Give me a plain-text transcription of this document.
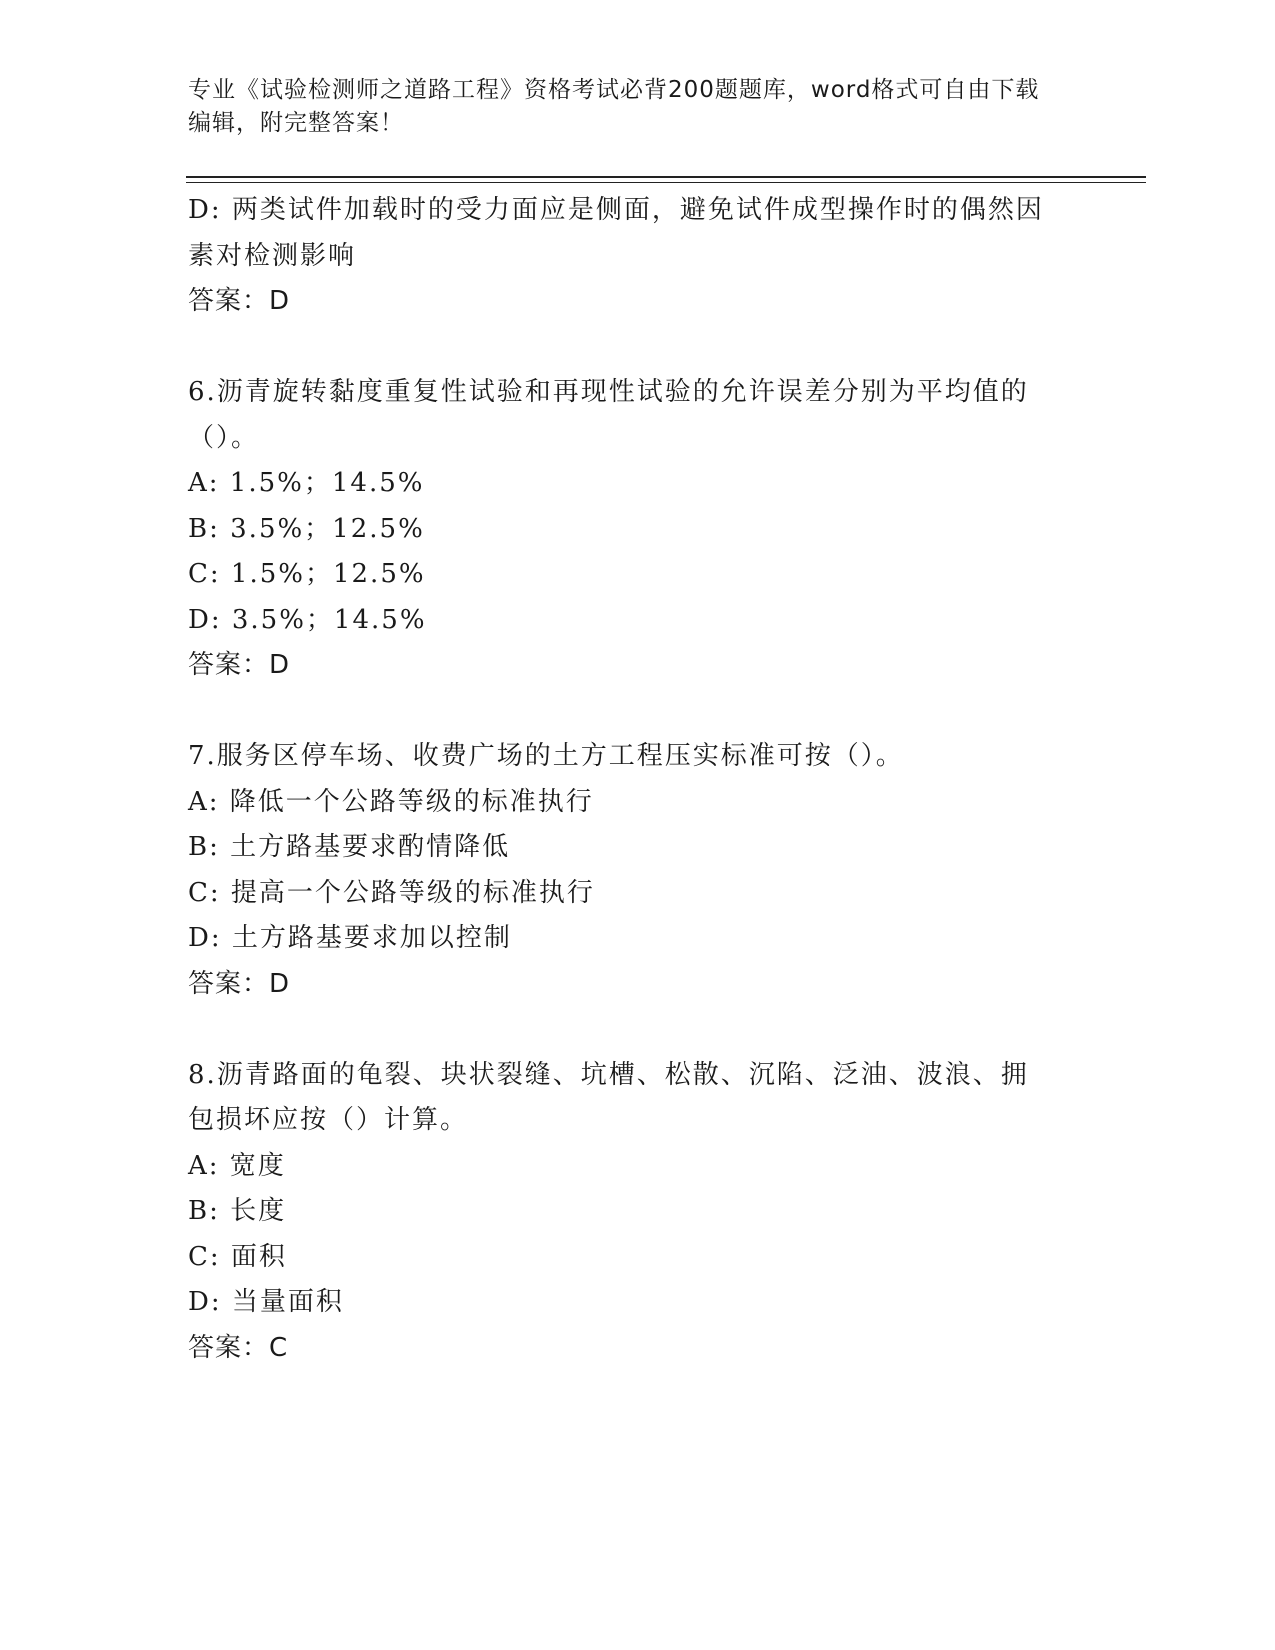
专业《试验检测师之道路工程》资格考试必背200题题库，word格式可自由下载
编辑，附完整答案！
D: 两类试件加载时的受力面应是侧面，避免试件成型操作时的偶然因
素对检测影响
答案：D
6.沥青旋转黏度重复性试验和再现性试验的允许误差分别为平均值的
（）。
A: 1.5%；14.5%
B: 3.5%；12.5%
C: 1.5%；12.5%
D: 3.5%；14.5%
答案：D
7.服务区停车场、收费广场的土方工程压实标准可按（）。
A: 降低一个公路等级的标准执行
B: 土方路基要求酌情降低
C: 提高一个公路等级的标准执行
D: 土方路基要求加以控制
答案：D
8.沥青路面的龟裂、块状裂缝、坑槽、松散、沉陷、泛油、波浪、拥
包损坏应按（）计算。
A: 宽度
B: 长度
C: 面积
D: 当量面积
答案：C
